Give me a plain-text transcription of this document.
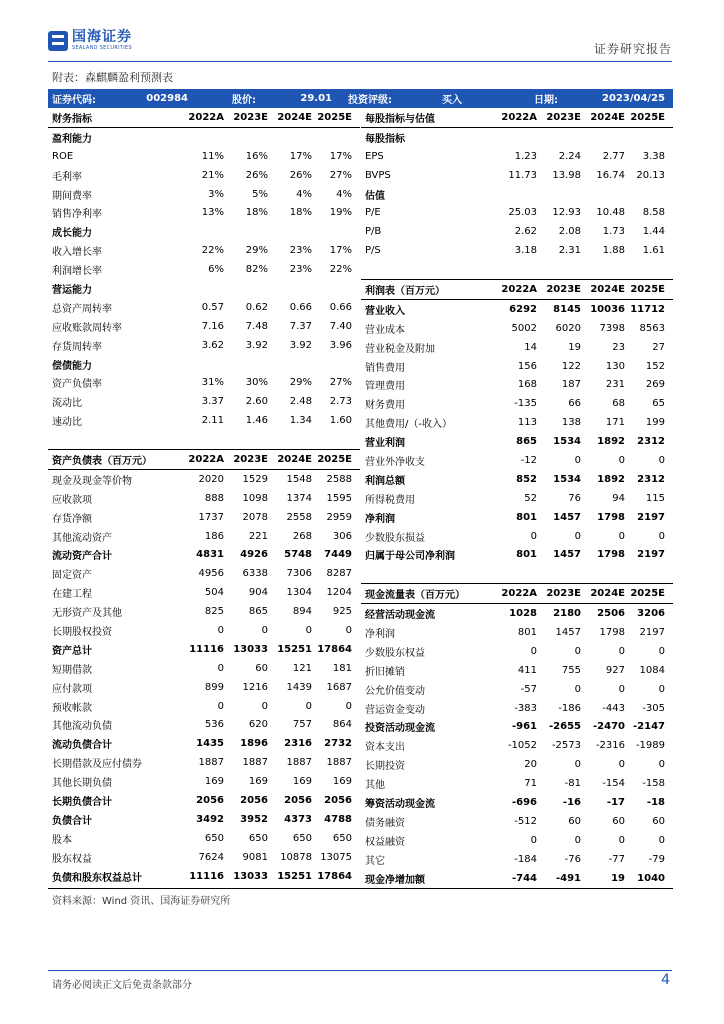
国海证券
SEALAND SECURITIES	证券研究报告
附表：森麒麟盈利预测表
证券代码:	002984	股价:	29.01	投资评级:	买入	日期:	2023/04/25
财务指标	2022A 2023E 2024E 2025E
盈利能力
ROE	11%	16%	17%	17%
毛利率	21%	26%	26%	27%
期间费率	3%	5%	4%	4%
销售净利率	13%	18%	18%	19%
成长能力
收入增长率	22%	29%	23%	17%
利润增长率	6%	82%	23%	22%
营运能力
总资产周转率	0.57	0.62	0.66	0.66
应收账款周转率	7.16	7.48	7.37	7.40
存货周转率	3.62	3.92	3.92	3.96
偿债能力
资产负债率	31%	30%	29%	27%
流动比	3.37	2.60	2.48	2.73
速动比	2.11	1.46	1.34	1.60
资产负债表（百万元）	2022A 2023E 2024E 2025E
现金及现金等价物	2020	1529	1548	2588
应收款项	888	1098	1374	1595
存货净额	1737	2078	2558	2959
其他流动资产	186	221	268	306
流动资产合计	4831	4926	5748	7449
固定资产	4956	6338	7306	8287
在建工程	504	904	1304	1204
无形资产及其他	825	865	894	925
长期股权投资	0	0	0	0
资产总计	11116 13033 15251 17864
短期借款	0	60	121	181
应付款项	899	1216	1439	1687
预收帐款	0	0	0	0
其他流动负债	536	620	757	864
流动负债合计	1435	1896	2316	2732
长期借款及应付债券	1887	1887	1887	1887
其他长期负债	169	169	169	169
长期负债合计	2056	2056	2056	2056
负债合计	3492	3952	4373	4788
股本	650	650	650	650
股东权益	7624	9081	10878 13075
负债和股东权益总计	11116 13033 15251 17864
每股指标与估值	2022A 2023E 2024E 2025E
每股指标
EPS	1.23	2.24	2.77	3.38
BVPS	11.73	13.98	16.74	20.13
估值
P/E	25.03	12.93	10.48	8.58
P/B	2.62	2.08	1.73	1.44
P/S	3.18	2.31	1.88	1.61
利润表（百万元）	2022A 2023E 2024E 2025E
营业收入	6292	8145 10036 11712
营业成本	5002	6020	7398	8563
营业税金及附加	14	19	23	27
销售费用	156	122	130	152
管理费用	168	187	231	269
财务费用	-135	66	68	65
其他费用/（-收入）	113	138	171	199
营业利润	865	1534	1892	2312
营业外净收支	-12	0	0	0
利润总额	852	1534	1892	2312
所得税费用	52	76	94	115
净利润	801	1457	1798	2197
少数股东损益	0	0	0	0
归属于母公司净利润	801	1457	1798	2197
现金流量表（百万元）	2022A 2023E 2024E 2025E
经营活动现金流	1028	2180	2506	3206
净利润	801	1457	1798	2197
少数股东权益	0	0	0	0
折旧摊销	411	755	927	1084
公允价值变动	-57	0	0	0
营运资金变动	-383	-186	-443	-305
投资活动现金流	-961	-2655	-2470 -2147
资本支出	-1052	-2573	-2316	-1989
长期投资	20	0	0	0
其他	71	-81	-154	-158
筹资活动现金流	-696	-16	-17	-18
债务融资	-512	60	60	60
权益融资	0	0	0	0
其它	-184	-76	-77	-79
现金净增加额	-744	-491	19	1040
资料来源：Wind 资讯、国海证券研究所
请务必阅读正文后免责条款部分	4
